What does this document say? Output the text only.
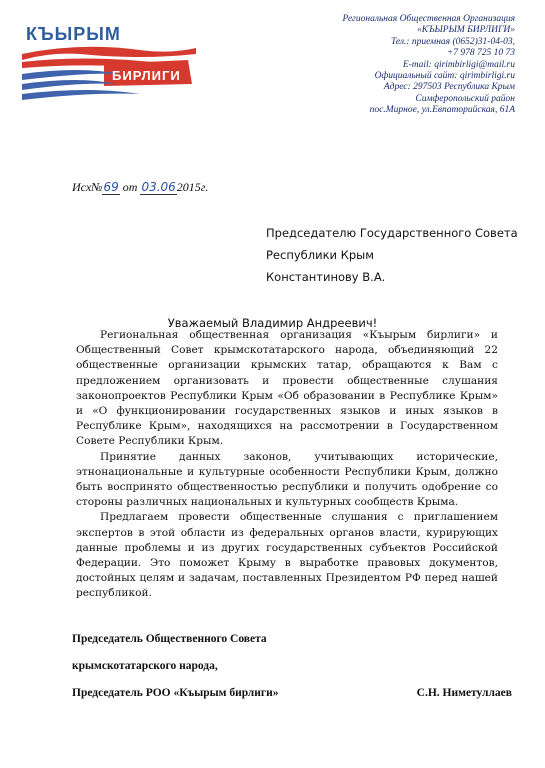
КЪЫРЫМ
БИРЛИГИ
Региональная Общественная Организация
«КЪЫРЫМ БИРЛИГИ»
Тел.: приемная (0652)31-04-03,
+7 978 725 10 73
E-mail: qirimbirligi@mail.ru
Официальный сайт: qirimbirligi.ru
Адрес: 297503 Республика Крым
Симферопольский район
пос.Мирное, ул.Евпаторийская, 61А
Исх№69 от 03.062015г.
Председателю Государственного Совета
Республики Крым
Константинову В.А.
Уважаемый Владимир Андреевич!

Региональная общественная организация «Къырым бирлиги» и Общественный Совет крымскотатарского народа, объединяющий 22 общественные организации крымских татар, обращаются к Вам с предложением организовать и провести общественные слушания законопроектов Республики Крым «Об образовании в Республике Крым» и «О функционировании государственных языков и иных языков в Республике Крым», находящихся на рассмотрении в Государственном Совете Республики Крым.

Принятие данных законов, учитывающих исторические, этнонациональные и культурные особенности Республики Крым, должно быть воспринято общественностью республики и получить одобрение со стороны различных национальных и культурных сообществ Крыма.

Предлагаем провести общественные слушания с приглашением экспертов в этой области из федеральных органов власти, курирующих данные проблемы и из других государственных субъектов Российской Федерации. Это поможет Крыму в выработке правовых документов, достойных целям и задачам, поставленных Президентом РФ перед нашей республикой.

Председатель Общественного Совета
крымскотатарского народа,
Председатель РОО «Къырым бирлиги»	С.Н. Ниметуллаев
